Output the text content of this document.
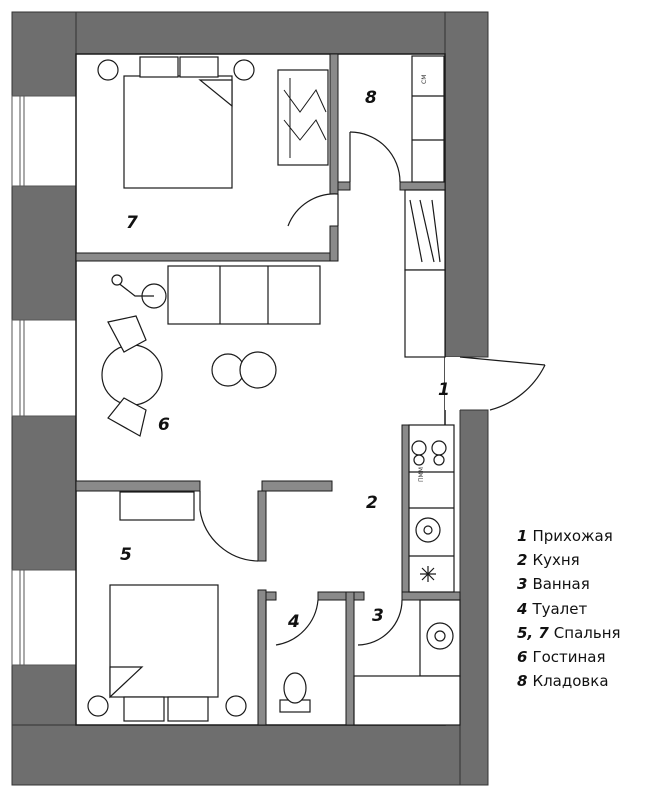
1
2
3
4
5
6
7
8
ПММ
СМ
1 Прихожая
2 Кухня
3 Ванная
4 Туалет
5, 7 Спальня
6 Гостиная
8 Кладовка
